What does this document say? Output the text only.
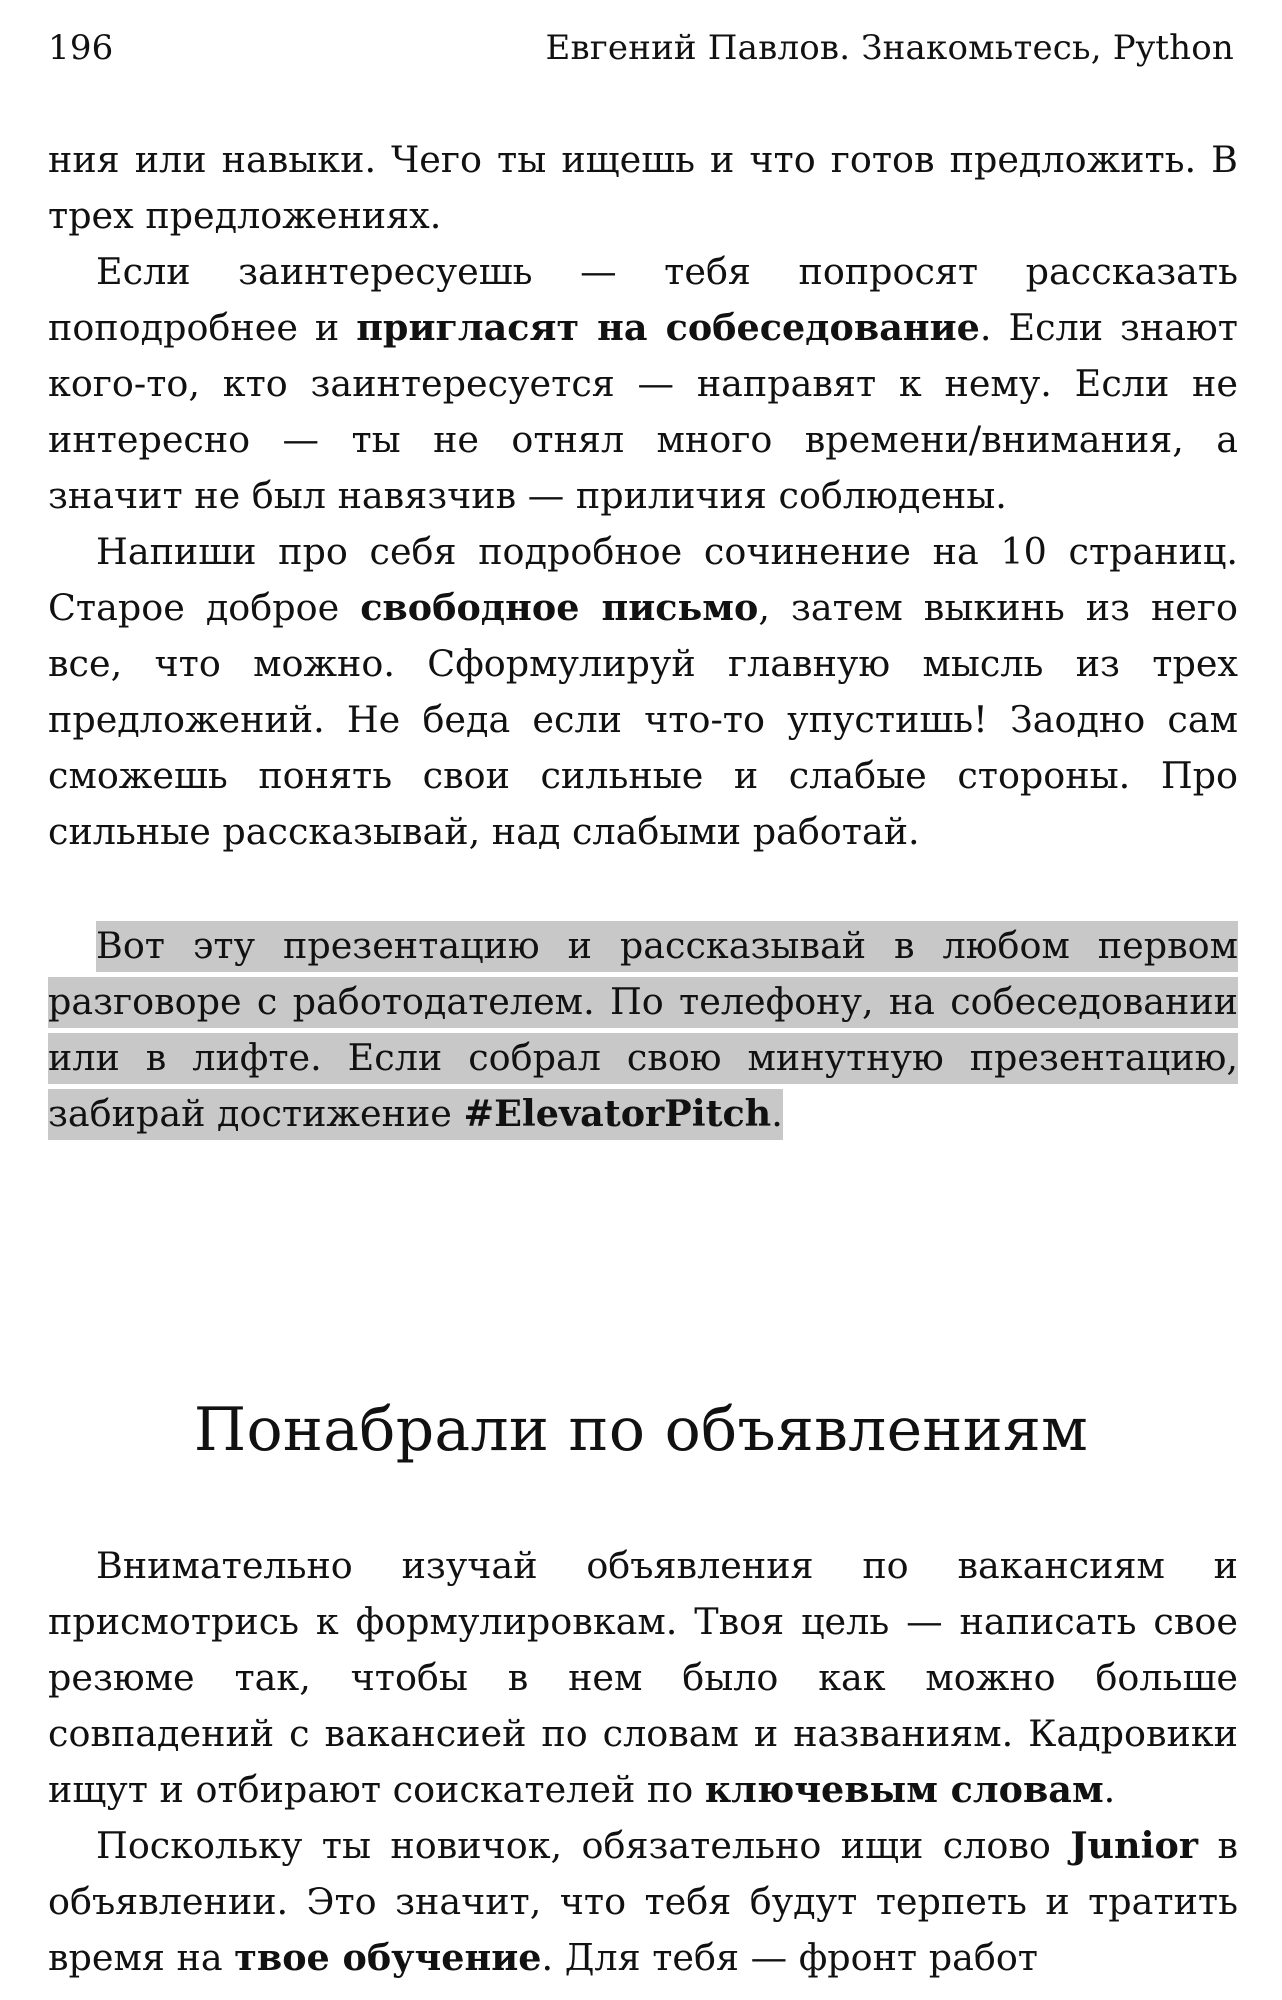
196	Евгений Павлов. Знакомьтесь, Python

ния или навыки. Чего ты ищешь и что готов предложить. В трех предложениях.

Если заинтересуешь — тебя попросят рассказать поподробнее и пригласят на собеседование. Если знают кого-то, кто заинтересуется — направят к нему. Если не интересно — ты не отнял много времени/внимания, а значит не был навязчив — приличия соблюдены.

Напиши про себя подробное сочинение на 10 страниц. Старое доброе свободное письмо, затем выкинь из него все, что можно. Сформулируй главную мысль из трех предложений. Не беда если что-то упустишь! Заодно сам сможешь понять свои сильные и слабые стороны. Про сильные рассказывай, над слабыми работай.

Вот эту презентацию и рассказывай в любом первом разговоре с работодателем. По телефону, на собеседовании или в лифте. Если собрал свою минутную презентацию, забирай достижение #ElevatorPitch.

Понабрали по объявлениям

Внимательно изучай объявления по вакансиям и присмотрись к формулировкам. Твоя цель — написать свое резюме так, чтобы в нем было как можно больше совпадений с вакансией по словам и названиям. Кадровики ищут и отбирают соискателей по ключевым словам.

Поскольку ты новичок, обязательно ищи слово Junior в объявлении. Это значит, что тебя будут терпеть и тратить время на твое обучение. Для тебя — фронт работ
